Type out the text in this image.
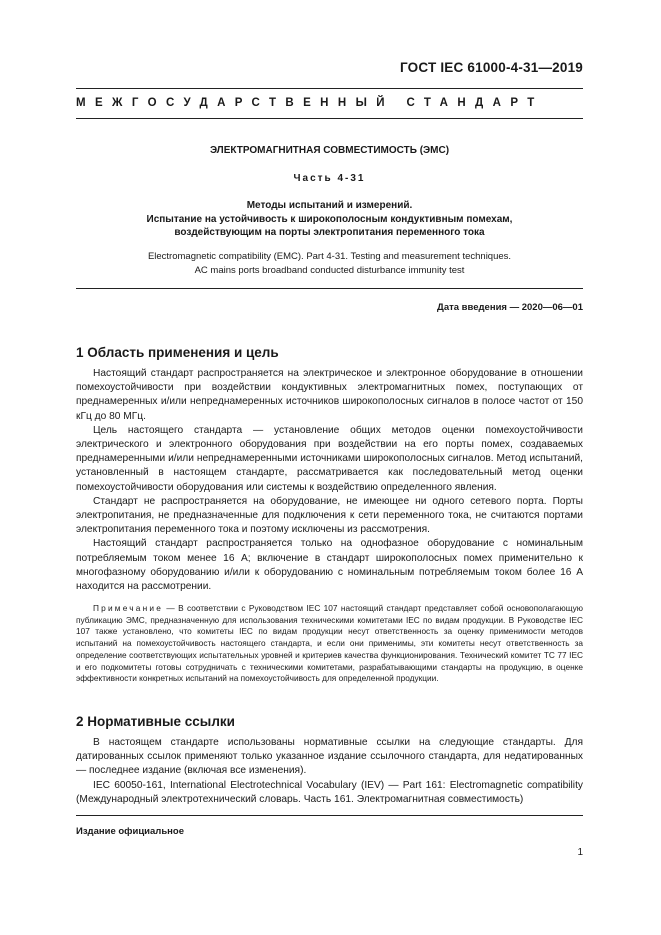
ГОСТ IEC 61000-4-31—2019
МЕЖГОСУДАРСТВЕННЫЙ СТАНДАРТ
ЭЛЕКТРОМАГНИТНАЯ СОВМЕСТИМОСТЬ (ЭМС)
Часть 4-31
Методы испытаний и измерений.
Испытание на устойчивость к широкополосным кондуктивным помехам,
воздействующим на порты электропитания переменного тока
Electromagnetic compatibility (EMC). Part 4-31. Testing and measurement techniques.
AC mains ports broadband conducted disturbance immunity test
Дата введения — 2020—06—01
1 Область применения и цель

Настоящий стандарт распространяется на электрическое и электронное оборудование в отношении помехоустойчивости при воздействии кондуктивных электромагнитных помех, поступающих от преднамеренных и/или непреднамеренных источников широкополосных сигналов в полосе частот от 150 кГц до 80 МГц.

Цель настоящего стандарта — установление общих методов оценки помехоустойчивости электрического и электронного оборудования при воздействии на его порты помех, создаваемых преднамеренными и/или непреднамеренными источниками широкополосных сигналов. Метод испытаний, установленный в настоящем стандарте, рассматривается как последовательный метод оценки помехоустойчивости оборудования или системы к воздействию определенного явления.

Стандарт не распространяется на оборудование, не имеющее ни одного сетевого порта. Порты электропитания, не предназначенные для подключения к сети переменного тока, не считаются портами электропитания переменного тока и поэтому исключены из рассмотрения.

Настоящий стандарт распространяется только на однофазное оборудование с номинальным потребляемым током менее 16 А; включение в стандарт широкополосных помех применительно к многофазному оборудованию и/или к оборудованию с номинальным потребляемым током более 16 А находится на рассмотрении.

Примечание — В соответствии с Руководством IEC 107 настоящий стандарт представляет собой основополагающую публикацию ЭМС, предназначенную для использования техническими комитетами IEC по видам продукции. В Руководстве IEC 107 также установлено, что комитеты IEC по видам продукции несут ответственность за оценку применимости методов испытаний на помехоустойчивость настоящего стандарта, и если они применимы, эти комитеты несут ответственность за определение соответствующих испытательных уровней и критериев качества функционирования. Технический комитет ТС 77 IEC и его подкомитеты готовы сотрудничать с техническими комитетами, разрабатывающими стандарты на продукцию, в оценке эффективности конкретных испытаний на помехоустойчивость для определенной продукции.

2 Нормативные ссылки

В настоящем стандарте использованы нормативные ссылки на следующие стандарты. Для датированных ссылок применяют только указанное издание ссылочного стандарта, для недатированных — последнее издание (включая все изменения).

IEC 60050-161, International Electrotechnical Vocabulary (IEV) — Part 161: Electromagnetic compatibility (Международный электротехнический словарь. Часть 161. Электромагнитная совместимость)

Издание официальное
1
